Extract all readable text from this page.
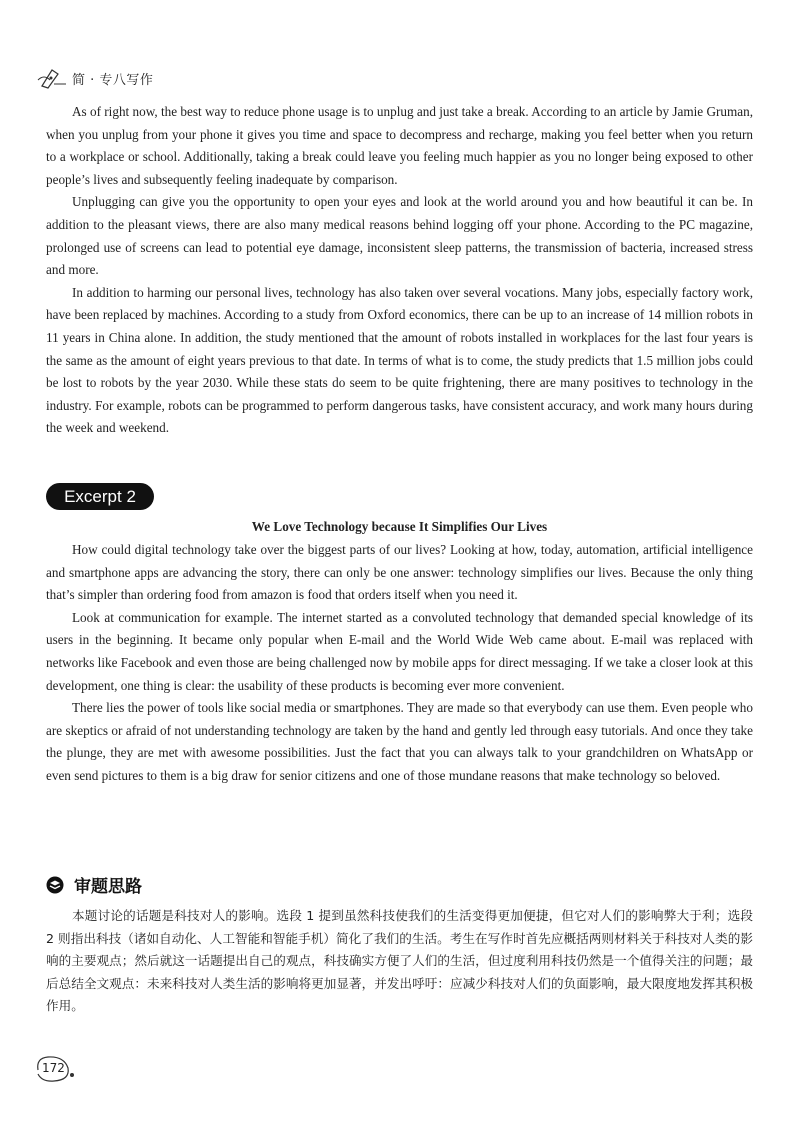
简 · 专八写作

As of right now, the best way to reduce phone usage is to unplug and just take a break. According to an article by Jamie Gruman, when you unplug from your phone it gives you time and space to decompress and recharge, making you feel better when you return to a workplace or school. Additionally, taking a break could leave you feeling much happier as you no longer being exposed to other people’s lives and subsequently feeling inadequate by comparison.

Unplugging can give you the opportunity to open your eyes and look at the world around you and how beautiful it can be. In addition to the pleasant views, there are also many medical reasons behind logging off your phone. According to the PC magazine, prolonged use of screens can lead to potential eye damage, inconsistent sleep patterns, the transmission of bacteria, increased stress and more.

In addition to harming our personal lives, technology has also taken over several vocations. Many jobs, especially factory work, have been replaced by machines. According to a study from Oxford economics, there can be up to an increase of 14 million robots in 11 years in China alone. In addition, the study mentioned that the amount of robots installed in workplaces for the last four years is the same as the amount of eight years previous to that date. In terms of what is to come, the study predicts that 1.5 million jobs could be lost to robots by the year 2030. While these stats do seem to be quite frightening, there are many positives to technology in the industry. For example, robots can be programmed to perform dangerous tasks, have consistent accuracy, and work many hours during the week and weekend.

Excerpt 2
We Love Technology because It Simplifies Our Lives

How could digital technology take over the biggest parts of our lives? Looking at how, today, automation, artificial intelligence and smartphone apps are advancing the story, there can only be one answer: technology simplifies our lives. Because the only thing that’s simpler than ordering food from amazon is food that orders itself when you need it.

Look at communication for example. The internet started as a convoluted technology that demanded special knowledge of its users in the beginning. It became only popular when E-mail and the World Wide Web came about. E-mail was replaced with networks like Facebook and even those are being challenged now by mobile apps for direct messaging. If we take a closer look at this development, one thing is clear: the usability of these products is becoming ever more convenient.

There lies the power of tools like social media or smartphones. They are made so that everybody can use them. Even people who are skeptics or afraid of not understanding technology are taken by the hand and gently led through easy tutorials. And once they take the plunge, they are met with awesome possibilities. Just the fact that you can always talk to your grandchildren on WhatsApp or even send pictures to them is a big draw for senior citizens and one of those mundane reasons that make technology so beloved.

审题思路
本题讨论的话题是科技对人的影响。选段 1 提到虽然科技使我们的生活变得更加便捷，但它对人们的影响弊大于利；选段 2 则指出科技（诸如自动化、人工智能和智能手机）简化了我们的生活。考生在写作时首先应概括两则材料关于科技对人类的影响的主要观点；然后就这一话题提出自己的观点，科技确实方便了人们的生活，但过度利用科技仍然是一个值得关注的问题；最后总结全文观点：未来科技对人类生活的影响将更加显著，并发出呼吁：应减少科技对人们的负面影响，最大限度地发挥其积极作用。
172
